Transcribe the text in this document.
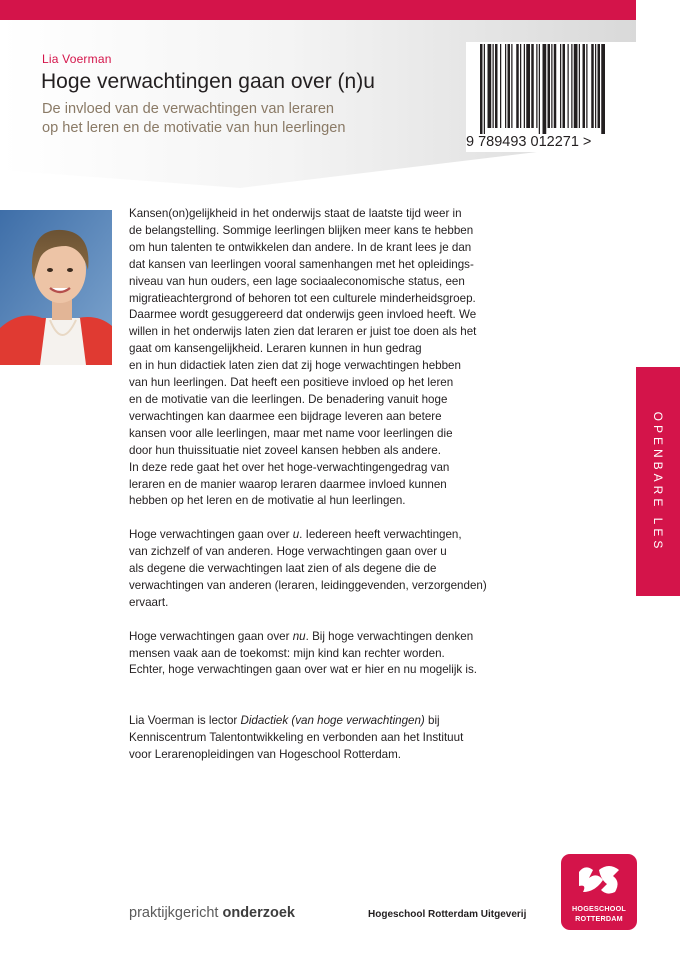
Lia Voerman
Hoge verwachtingen gaan over (n)u
De invloed van de verwachtingen van leraren
op het leren en de motivatie van hun leerlingen
9 789493 012271 >
Kansen(on)gelijkheid in het onderwijs staat de laatste tijd weer in
de belangstelling. Sommige leerlingen blijken meer kans te hebben
om hun talenten te ontwikkelen dan andere. In de krant lees je dan
dat kansen van leerlingen vooral samenhangen met het opleidings-
niveau van hun ouders, een lage sociaaleconomische status, een
migratieachtergrond of behoren tot een culturele minderheidsgroep.
Daarmee wordt gesuggereerd dat onderwijs geen invloed heeft. We
willen in het onderwijs laten zien dat leraren er juist toe doen als het
gaat om kansengelijkheid. Leraren kunnen in hun gedrag
en in hun didactiek laten zien dat zij hoge verwachtingen hebben
van hun leerlingen. Dat heeft een positieve invloed op het leren
en de motivatie van die leerlingen. De benadering vanuit hoge
verwachtingen kan daarmee een bijdrage leveren aan betere
kansen voor alle leerlingen, maar met name voor leerlingen die
door hun thuissituatie niet zoveel kansen hebben als andere.
In deze rede gaat het over het hoge-verwachtingengedrag van
leraren en de manier waarop leraren daarmee invloed kunnen
hebben op het leren en de motivatie al hun leerlingen.

Hoge verwachtingen gaan over u. Iedereen heeft verwachtingen,

van zichzelf of van anderen. Hoge verwachtingen gaan over u
als degene die verwachtingen laat zien of als degene die de
verwachtingen van anderen (leraren, leidinggevenden, verzorgenden)
ervaart.

Hoge verwachtingen gaan over nu. Bij hoge verwachtingen denken

mensen vaak aan de toekomst: mijn kind kan rechter worden.
Echter, hoge verwachtingen gaan over wat er hier en nu mogelijk is.

Lia Voerman is lector Didactiek (van hoge verwachtingen) bij

Kenniscentrum Talentontwikkeling en verbonden aan het Instituut
voor Lerarenopleidingen van Hogeschool Rotterdam.
OPENBARE LES
praktijkgericht onderzoek	Hogeschool Rotterdam Uitgeverij
HOGESCHOOL
ROTTERDAM
